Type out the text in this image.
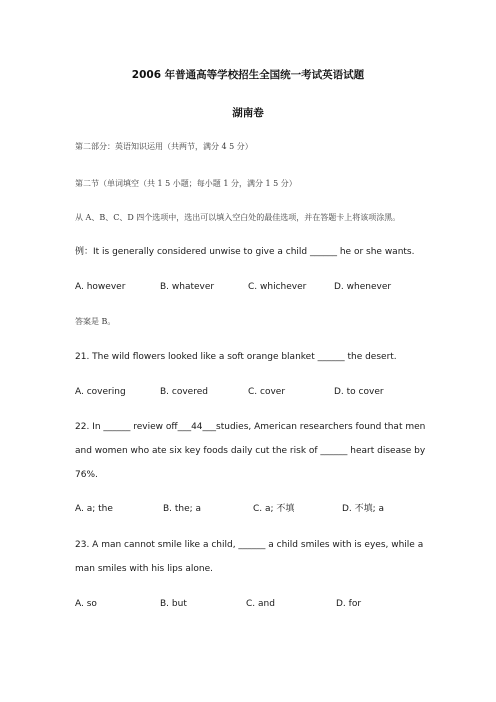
2006 年普通高等学校招生全国统一考试英语试题
湖南卷
第二部分：英语知识运用（共两节，满分 4 5 分）
第二节（单词填空（共 1 5 小题；每小题 1 分，满分 1 5 分）
从 A、B、C、D 四个选项中，选出可以填入空白处的最佳选项，并在答题卡上将该项涂黑。
例：It is generally considered unwise to give a child ______ he or she wants.
A. however	B. whatever	C. whichever	D. whenever
答案是 B。
21. The wild flowers looked like a soft orange blanket ______ the desert.
A. covering	B. covered	C. cover	D. to cover
22. In ______ review off___44___studies, American researchers found that men
and women who ate six key foods daily cut the risk of ______ heart disease by
76%.
A. a; the	B. the; a	C. a; 不填	D. 不填; a
23. A man cannot smile like a child, ______ a child smiles with is eyes, while a
man smiles with his lips alone.
A. so	B. but	C. and	D. for
